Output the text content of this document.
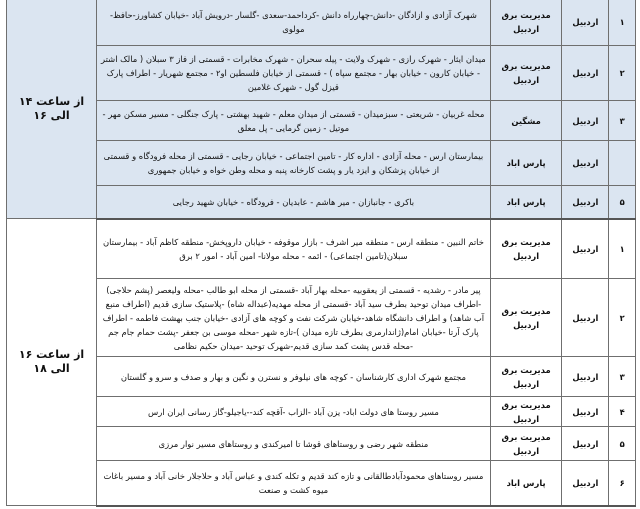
۱	اردبیل	مدیریت برق اردبیل	شهرک آزادی و ازادگان -دانش-چهارراه دانش -کرداحمد-سعدی -گلسار -درویش آباد -خیابان کشاورز-حافظ-مولوی	از ساعت ۱۴ الی ۱۶
۲	اردبیل	مدیریت برق اردبیل	میدان ایثار - شهرک رازی - شهرک ولایت - پیله سحران - شهرک مخابرات - قسمتی از فاز ۳ سبلان ( مالک اشتر - خیابان کارون - خیابان بهار - مجتمع سپاه ) - قسمتی از خیابان فلسطین او۲ - مجتمع شهریار - اطراف پارک قیزل گول - شهرک غلامین	
۳	اردبیل	مشگین	محله غربیان - شریعتی - سبزمیدان - قسمتی از میدان معلم - شهید بهشتی - پارک جنگلی - مسیر مسکن مهر - موتیل - زمین گرمایی - پل معلق	
	اردبیل	پارس اباد	بیمارستان ارس - محله آزادی - اداره کار - تامین اجتماعی - خیابان رجایی - قسمتی از محله فرودگاه و قسمتی از خیابان پزشکان و ایزد یار و پشت کارخانه پنبه و محله وطن خواه و خیابان جمهوری	
۵	اردبیل	پارس اباد	باکری - جانبازان - میر هاشم - عابدیان - فرودگاه - خیابان شهید رجایی	
۱	اردبیل	مدیریت برق اردبیل	خاتم النبین - منطقه ارس - منطقه میر اشرف - بازار موقوفه - خیابان داروپخش- منطقه کاظم آباد - بیمارستان سبلان(تامین اجتماعی) - ائمه - محله مولانا- امین آباد - امور ۲ برق	از ساعت ۱۶ الی ۱۸
۲	اردبیل	مدیریت برق اردبیل	پیر مادر - رشدیه - قسمتی از یعقوبیه -محله بهار آباد -قسمتی از محله ابو طالب -محله ولیعصر (پشم حلاجی) -اطراف میدان توحید بطرف سید آباد -قسمتی از محله مهدیه(عبداله شاه) -پلاستیک سازی قدیم (اطراف منبع آب شاهد) و اطراف دانشگاه شاهد-خیابان شرکت نفت و کوچه های آزادی -خیابان جنب بهشت فاطمه - اطراف پارک آرتا -خیابان امام(ژاندارمری بطرف تازه میدان )-تازه شهر -محله موسی بن جعفر -پشت حمام جام جم -محله قدس پشت کمد سازی قدیم-شهرک توحید -میدان حکیم نظامی	
۳	اردبیل	مدیریت برق اردبیل	مجتمع شهرک اداری کارشناسان - کوچه های نیلوفر و نسترن و نگین و بهار و صدف و سرو و گلستان	
۴	اردبیل	مدیریت برق اردبیل	مسیر روستا های دولت اباد- یزن آباد -الزاب -آقچه کند--یاجیلو-گاز رسانی ایران ارس	
۵	اردبیل	مدیریت برق اردبیل	منطقه شهر رضی و روستاهای قوشا تا امیرکندی و روستاهای مسیر نوار مرزی	
۶	اردبیل	پارس اباد	مسیر روستاهای محمودآبادطالقانی و تازه کند قدیم و تکله کندی و عباس آباد و حلاجلار خانی آباد و مسیر باغات میوه کشت و صنعت	
